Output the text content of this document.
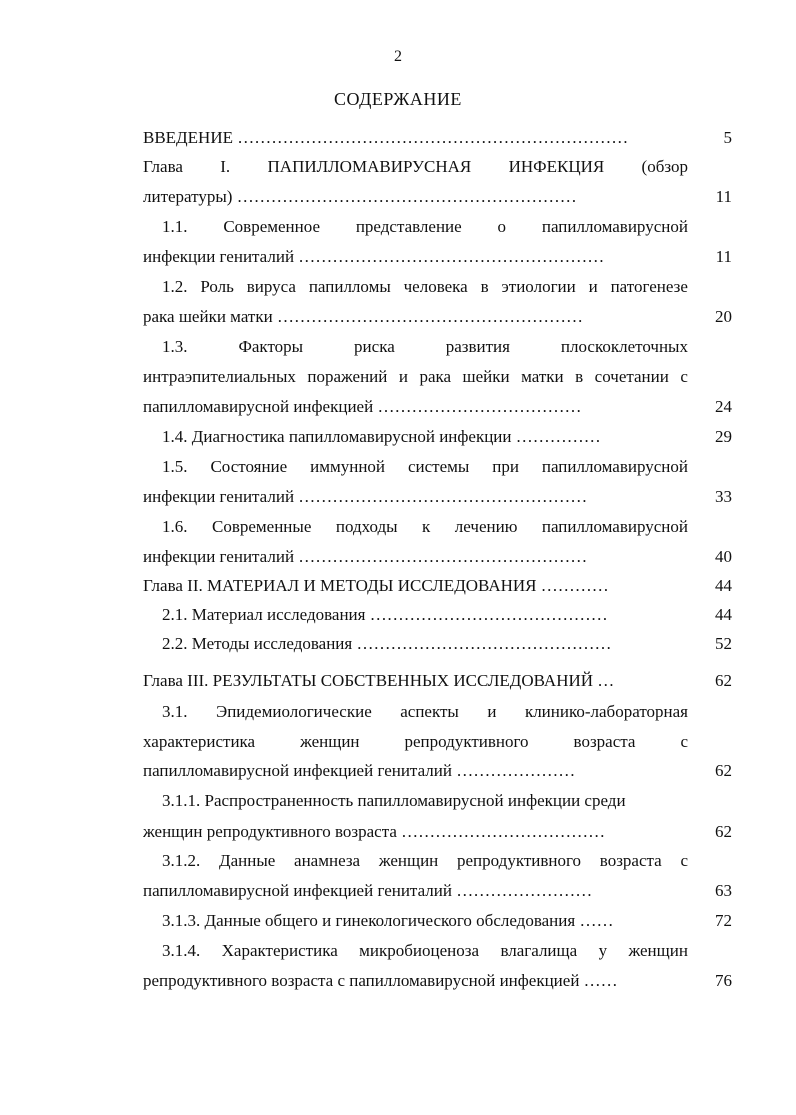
2
СОДЕРЖАНИЕ
ВВЕДЕНИЕ ……………………………………………………………	5
Глава I. ПАПИЛЛОМАВИРУСНАЯ ИНФЕКЦИЯ (обзор
литературы) ……………………………………………………	11
1.1. Современное представление о папилломавирусной
инфекции гениталий ………………………………………………	11
1.2. Роль вируса папилломы человека в этиологии и патогенезе
рака шейки матки ………………………………………………	20
1.3.	Факторы	риска	развития	плоскоклеточных
интраэпителиальных поражений и рака шейки матки в сочетании с
папилломавирусной инфекцией ………………………………	24
1.4. Диагностика папилломавирусной инфекции ……………	29
1.5. Состояние иммунной системы при папилломавирусной
инфекции гениталий ……………………………………………	33
1.6. Современные подходы к лечению папилломавирусной
инфекции гениталий ……………………………………………	40
Глава II. МАТЕРИАЛ И МЕТОДЫ ИССЛЕДОВАНИЯ …………	44
2.1. Материал исследования ……………………………………	44
2.2. Методы исследования ………………………………………	52
Глава III. РЕЗУЛЬТАТЫ СОБСТВЕННЫХ ИССЛЕДОВАНИЙ …	62
3.1. Эпидемиологические аспекты и клинико-лабораторная
характеристика	женщин	репродуктивного	возраста	с
папилломавирусной инфекцией гениталий …………………	62
3.1.1. Распространенность папилломавирусной инфекции среди
женщин репродуктивного возраста ………………………………	62
3.1.2. Данные анамнеза женщин репродуктивного возраста с
папилломавирусной инфекцией гениталий ……………………	63
3.1.3. Данные общего и гинекологического обследования ……	72
3.1.4. Характеристика микробиоценоза влагалища у женщин
репродуктивного возраста с папилломавирусной инфекцией ……	76
